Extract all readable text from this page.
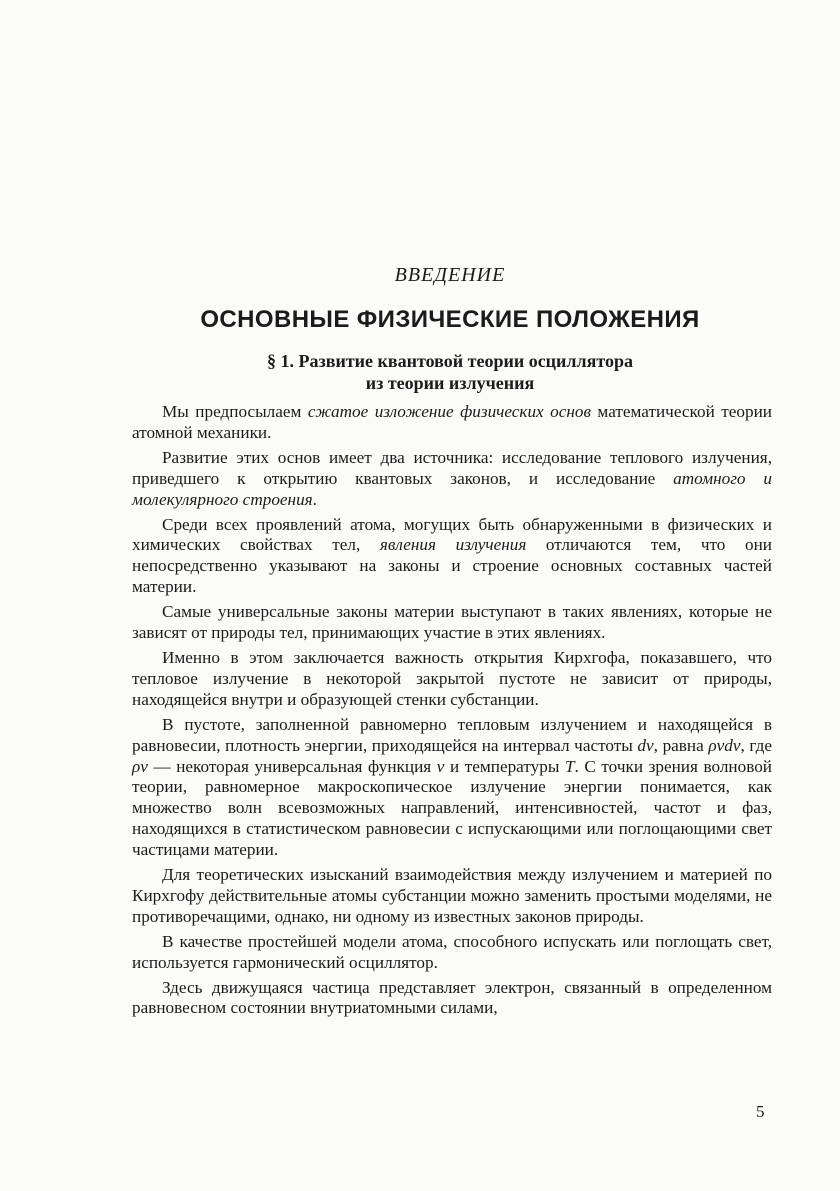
ВВЕДЕНИЕ
ОСНОВНЫЕ ФИЗИЧЕСКИЕ ПОЛОЖЕНИЯ
§ 1. Развитие квантовой теории осциллятора
из теории излучения

Мы предпосылаем сжатое изложение физических основ математической теории атомной механики.

Развитие этих основ имеет два источника: исследование теплового излучения, приведшего к открытию квантовых законов, и исследование атомного и молекулярного строения.

Среди всех проявлений атома, могущих быть обнаруженными в физических и химических свойствах тел, явления излучения отличаются тем, что они непосредственно указывают на законы и строение основных составных частей материи.

Самые универсальные законы материи выступают в таких явлениях, которые не зависят от природы тел, принимающих участие в этих явлениях.

Именно в этом заключается важность открытия Кирхгофа, показавшего, что тепловое излучение в некоторой закрытой пустоте не зависит от природы, находящейся внутри и образующей стенки субстанции.

В пустоте, заполненной равномерно тепловым излучением и находящейся в равновесии, плотность энергии, приходящейся на интервал частоты dν, равна ρνdν, где ρν — некоторая универсальная функция ν и температуры T. С точки зрения волновой теории, равномерное макроскопическое излучение энергии понимается, как множество волн всевозможных направлений, интенсивностей, частот и фаз, находящихся в статистическом равновесии с испускающими или поглощающими свет частицами материи.

Для теоретических изысканий взаимодействия между излучением и материей по Кирхгофу действительные атомы субстанции можно заменить простыми моделями, не противоречащими, однако, ни одному из известных законов природы.

В качестве простейшей модели атома, способного испускать или поглощать свет, используется гармонический осциллятор.

Здесь движущаяся частица представляет электрон, связанный в определенном равновесном состоянии внутриатомными силами,

5
